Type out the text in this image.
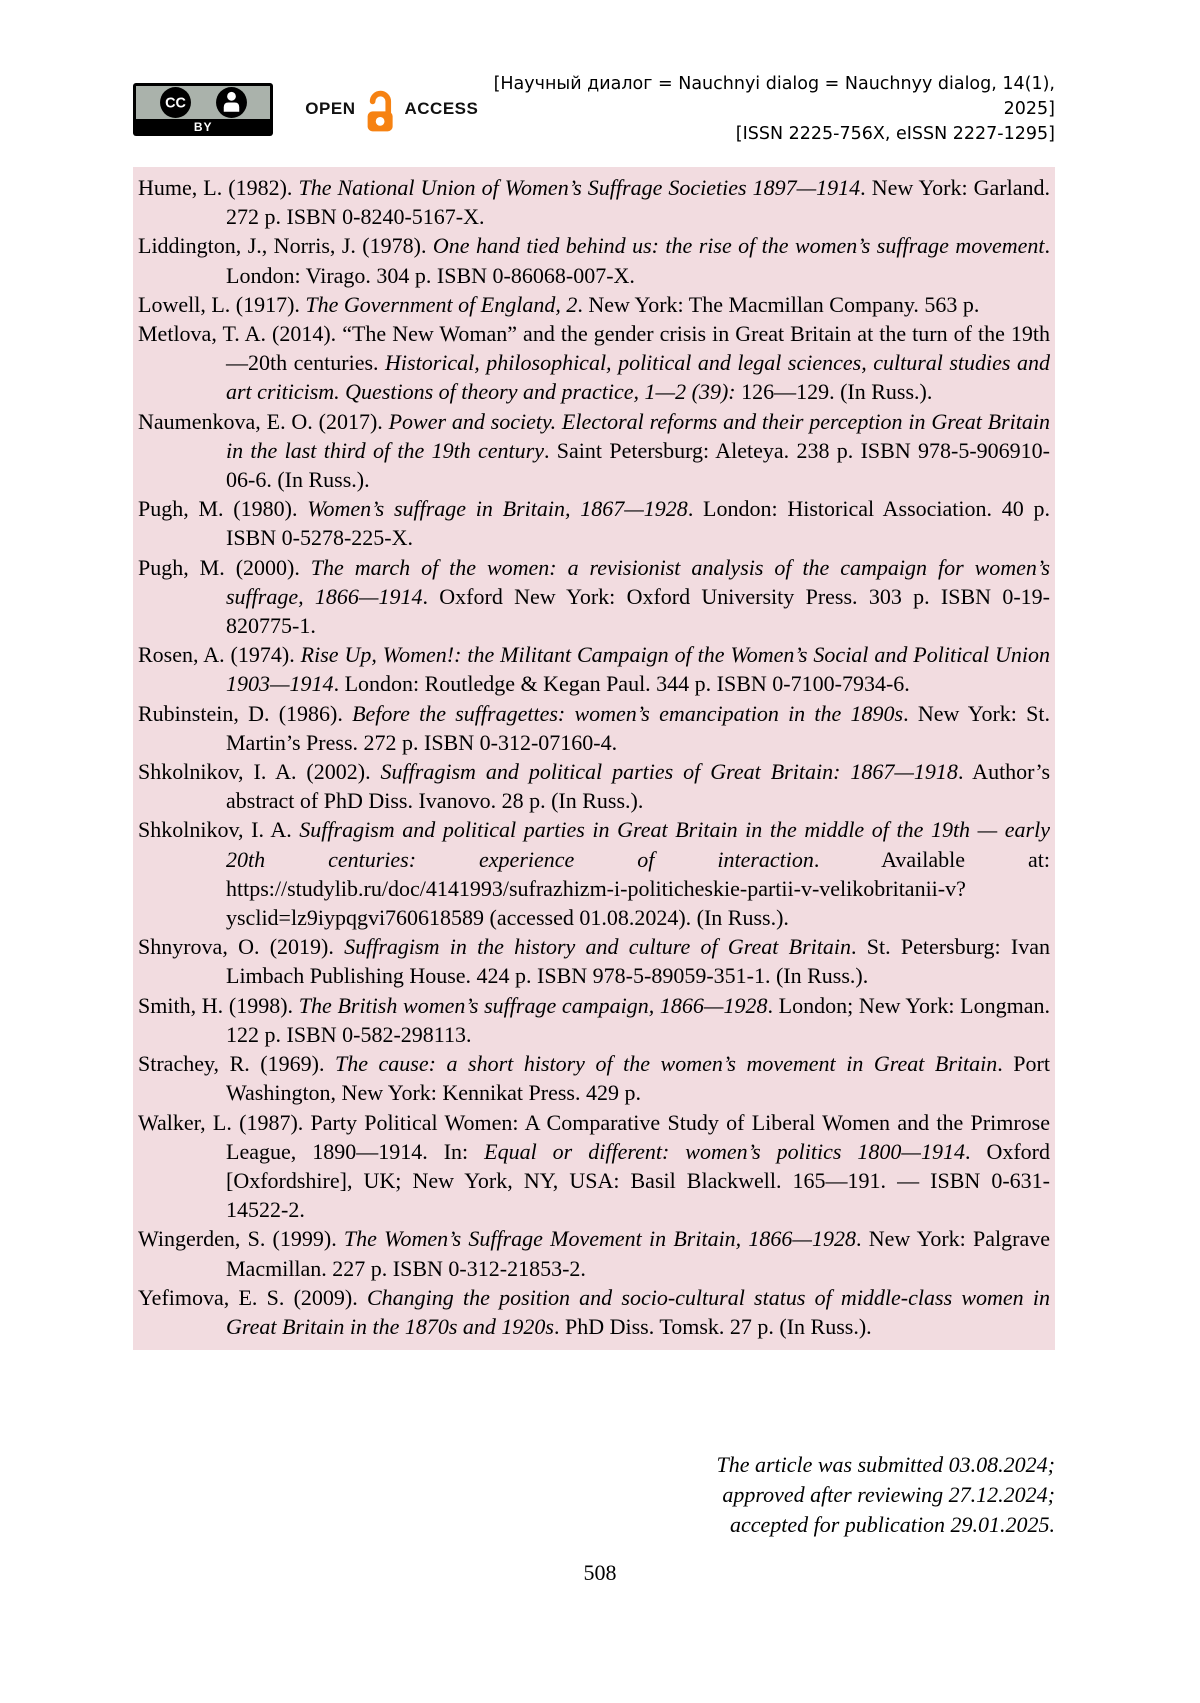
CC
BY
OPEN	ACCESS
[Научный диалог = Nauchnyi dialog = Nauchnyy dialog, 14(1), 2025]
[ISSN 2225-756X, eISSN 2227-1295]

Hume, L. (1982). The National Union of Women’s Suffrage Societies 1897—1914. New York: Garland. 272 p. ISBN 0-8240-5167-X.

Liddington, J., Norris, J. (1978). One hand tied behind us: the rise of the women’s suffrage movement. London: Virago. 304 p. ISBN 0-86068-007-X.

Lowell, L. (1917). The Government of England, 2. New York: The Macmillan Company. 563 p.

Metlova, T. A. (2014). “The New Woman” and the gender crisis in Great Britain at the turn of the 19th—20th centuries. Historical, philosophical, political and legal sciences, cultural studies and art criticism. Questions of theory and practice, 1—2 (39): 126—129. (In Russ.).

Naumenkova, E. O. (2017). Power and society. Electoral reforms and their perception in Great Britain in the last third of the 19th century. Saint Petersburg: Aleteya. 238 p. ISBN 978-5-906910-06-6. (In Russ.).

Pugh, M. (1980). Women’s suffrage in Britain, 1867—1928. London: Historical Association. 40 p. ISBN 0-5278-225-X.

Pugh, M. (2000). The march of the women: a revisionist analysis of the campaign for women’s suffrage, 1866—1914. Oxford New York: Oxford University Press. 303 p. ISBN 0-19-820775-1.

Rosen, A. (1974). Rise Up, Women!: the Militant Campaign of the Women’s Social and Political Union 1903—1914. London: Routledge & Kegan Paul. 344 p. ISBN 0-7100-7934-6.

Rubinstein, D. (1986). Before the suffragettes: women’s emancipation in the 1890s. New York: St. Martin’s Press. 272 p. ISBN 0-312-07160-4.

Shkolnikov, I. A. (2002). Suffragism and political parties of Great Britain: 1867—1918. Author’s abstract of PhD Diss. Ivanovo. 28 p. (In Russ.).

Shkolnikov, I. A. Suffragism and political parties in Great Britain in the middle of the 19th — early 20th centuries: experience of interaction. Available at: https://studylib.ru/doc/4141993/sufrazhizm-i-politicheskie-partii-v-velikobritanii-v?ysclid=lz9iypqgvi760618589 (accessed 01.08.2024). (In Russ.).

Shnyrova, O. (2019). Suffragism in the history and culture of Great Britain. St. Petersburg: Ivan Limbach Publishing House. 424 p. ISBN 978-5-89059-351-1. (In Russ.).

Smith, H. (1998). The British women’s suffrage campaign, 1866—1928. London; New York: Longman. 122 p. ISBN 0-582-298113.

Strachey, R. (1969). The cause: a short history of the women’s movement in Great Britain. Port Washington, New York: Kennikat Press. 429 p.

Walker, L. (1987). Party Political Women: A Comparative Study of Liberal Women and the Primrose League, 1890—1914. In: Equal or different: women’s politics 1800—1914. Oxford [Oxfordshire], UK; New York, NY, USA: Basil Blackwell. 165—191. — ISBN 0-631-14522-2.

Wingerden, S. (1999). The Women’s Suffrage Movement in Britain, 1866—1928. New York: Palgrave Macmillan. 227 p. ISBN 0-312-21853-2.

Yefimova, E. S. (2009). Changing the position and socio-cultural status of middle-class women in Great Britain in the 1870s and 1920s. PhD Diss. Tomsk. 27 p. (In Russ.).

The article was submitted 03.08.2024;
approved after reviewing 27.12.2024;
accepted for publication 29.01.2025.
508
